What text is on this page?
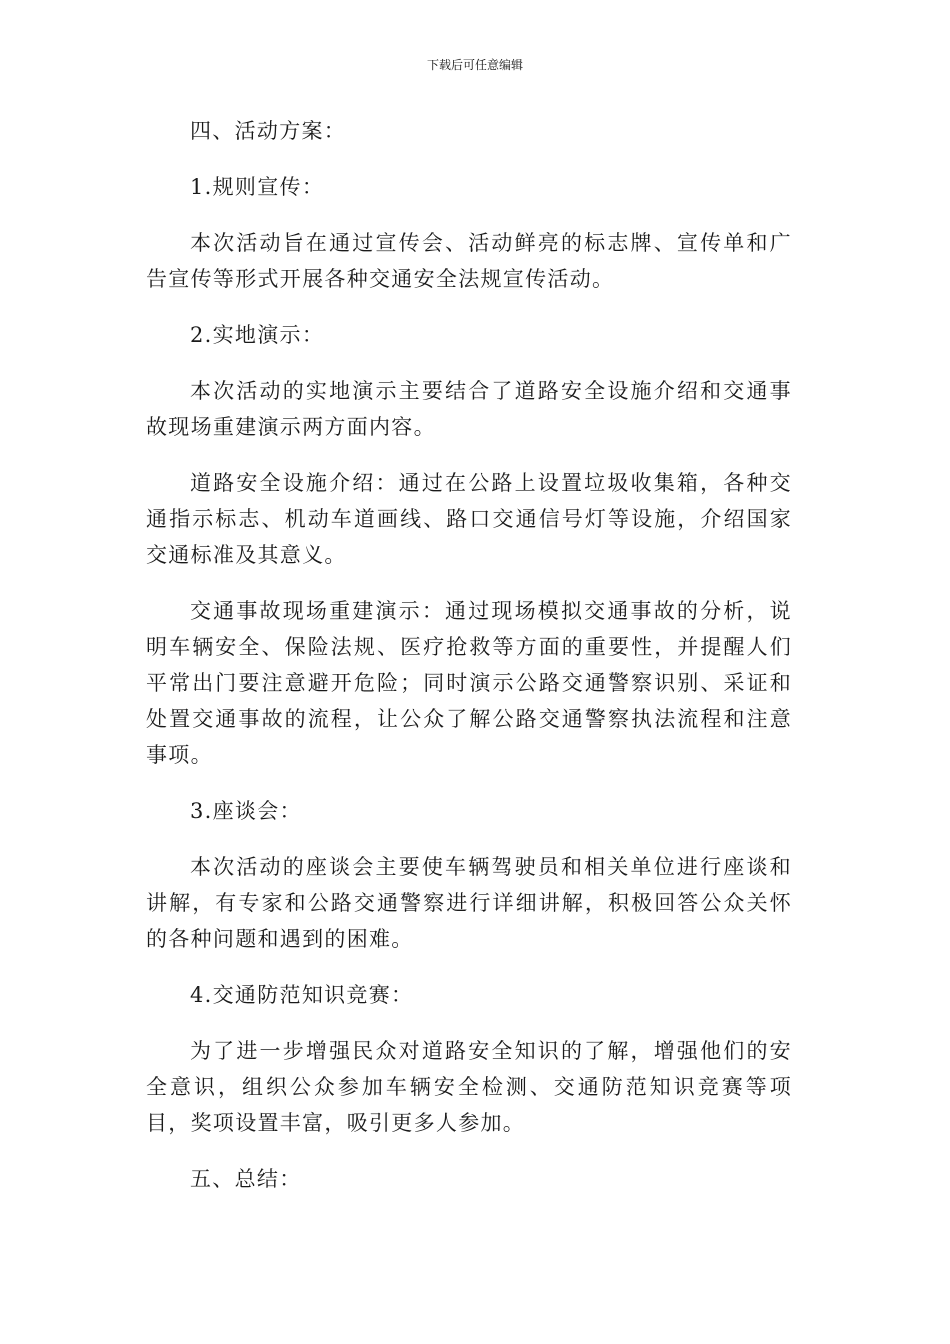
下载后可任意编辑

四、活动方案：

1.规则宣传：

本次活动旨在通过宣传会、活动鲜亮的标志牌、宣传单和广告宣传等形式开展各种交通安全法规宣传活动。

2.实地演示：

本次活动的实地演示主要结合了道路安全设施介绍和交通事故现场重建演示两方面内容。

道路安全设施介绍：通过在公路上设置垃圾收集箱，各种交通指示标志、机动车道画线、路口交通信号灯等设施，介绍国家交通标准及其意义。

交通事故现场重建演示：通过现场模拟交通事故的分析，说明车辆安全、保险法规、医疗抢救等方面的重要性，并提醒人们平常出门要注意避开危险；同时演示公路交通警察识别、采证和处置交通事故的流程，让公众了解公路交通警察执法流程和注意事项。

3.座谈会：

本次活动的座谈会主要使车辆驾驶员和相关单位进行座谈和讲解，有专家和公路交通警察进行详细讲解，积极回答公众关怀的各种问题和遇到的困难。

4.交通防范知识竞赛：

为了进一步增强民众对道路安全知识的了解，增强他们的安全意识，组织公众参加车辆安全检测、交通防范知识竞赛等项目，奖项设置丰富，吸引更多人参加。

五、总结：
